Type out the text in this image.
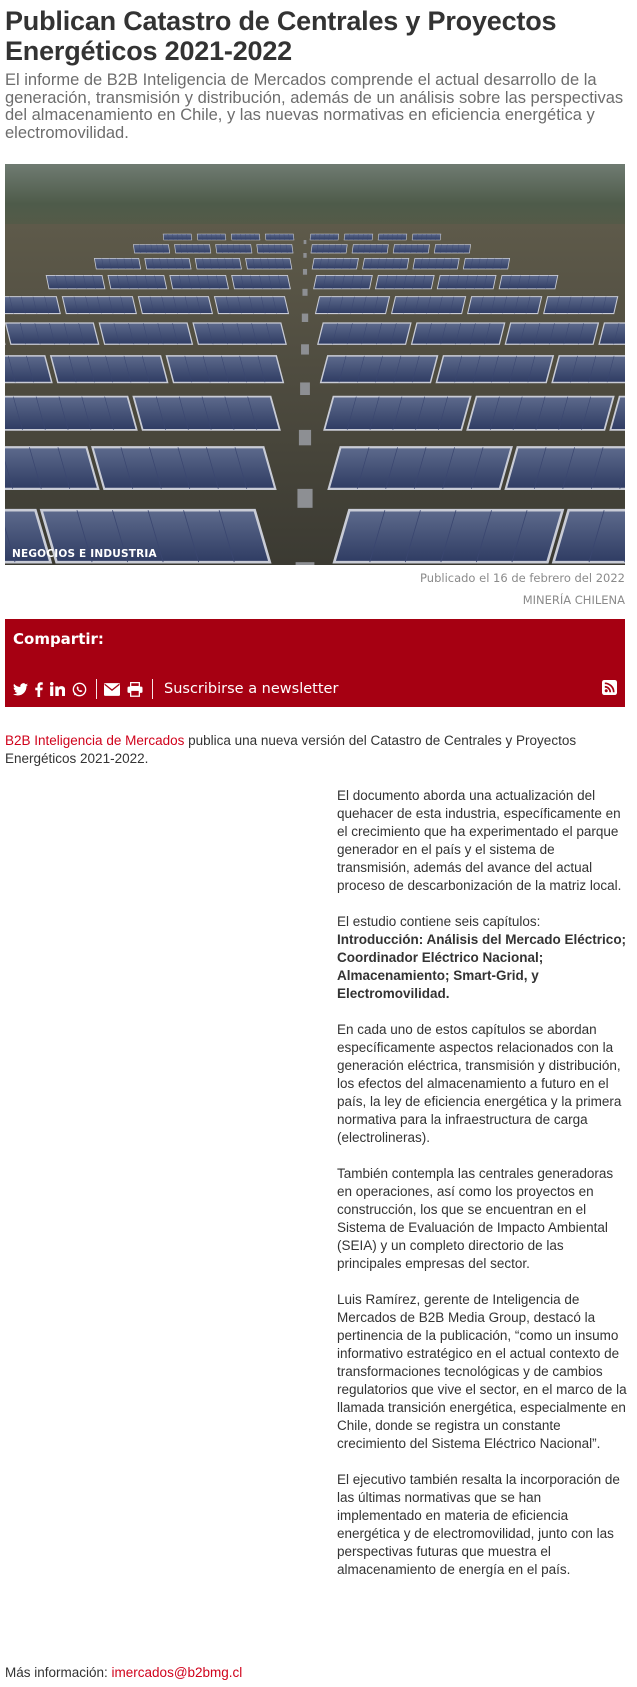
Publican Catastro de Centrales y Proyectos Energéticos 2021-2022

El informe de B2B Inteligencia de Mercados comprende el actual desarrollo de la generación, transmisión y distribución, además de un análisis sobre las perspectivas del almacenamiento en Chile, y las nuevas normativas en eficiencia energética y electromovilidad.

NEGOCIOS E INDUSTRIA
Publicado el 16 de febrero del 2022
MINERÍA CHILENA
Compartir:
Suscribirse a newsletter
B2B Inteligencia de Mercados publica una nueva versión del Catastro de Centrales y Proyectos Energéticos 2021-2022.

El documento aborda una actualización del quehacer de esta industria, específicamente en el crecimiento que ha experimentado el parque generador en el país y el sistema de transmisión, además del avance del actual proceso de descarbonización de la matriz local.

El estudio contiene seis capítulos: Introducción: Análisis del Mercado Eléctrico; Coordinador Eléctrico Nacional; Almacenamiento; Smart-Grid, y Electromovilidad.

En cada uno de estos capítulos se abordan específicamente aspectos relacionados con la generación eléctrica, transmisión y distribución, los efectos del almacenamiento a futuro en el país, la ley de eficiencia energética y la primera normativa para la infraestructura de carga (electrolineras).

También contempla las centrales generadoras en operaciones, así como los proyectos en construcción, los que se encuentran en el Sistema de Evaluación de Impacto Ambiental (SEIA) y un completo directorio de las principales empresas del sector.

Luis Ramírez, gerente de Inteligencia de Mercados de B2B Media Group, destacó la pertinencia de la publicación, “como un insumo informativo estratégico en el actual contexto de transformaciones tecnológicas y de cambios regulatorios que vive el sector, en el marco de la llamada transición energética, especialmente en Chile, donde se registra un constante crecimiento del Sistema Eléctrico Nacional”.

El ejecutivo también resalta la incorporación de las últimas normativas que se han implementado en materia de eficiencia energética y de electromovilidad, junto con las perspectivas futuras que muestra el almacenamiento de energía en el país.

Más información: imercados@b2bmg.cl
